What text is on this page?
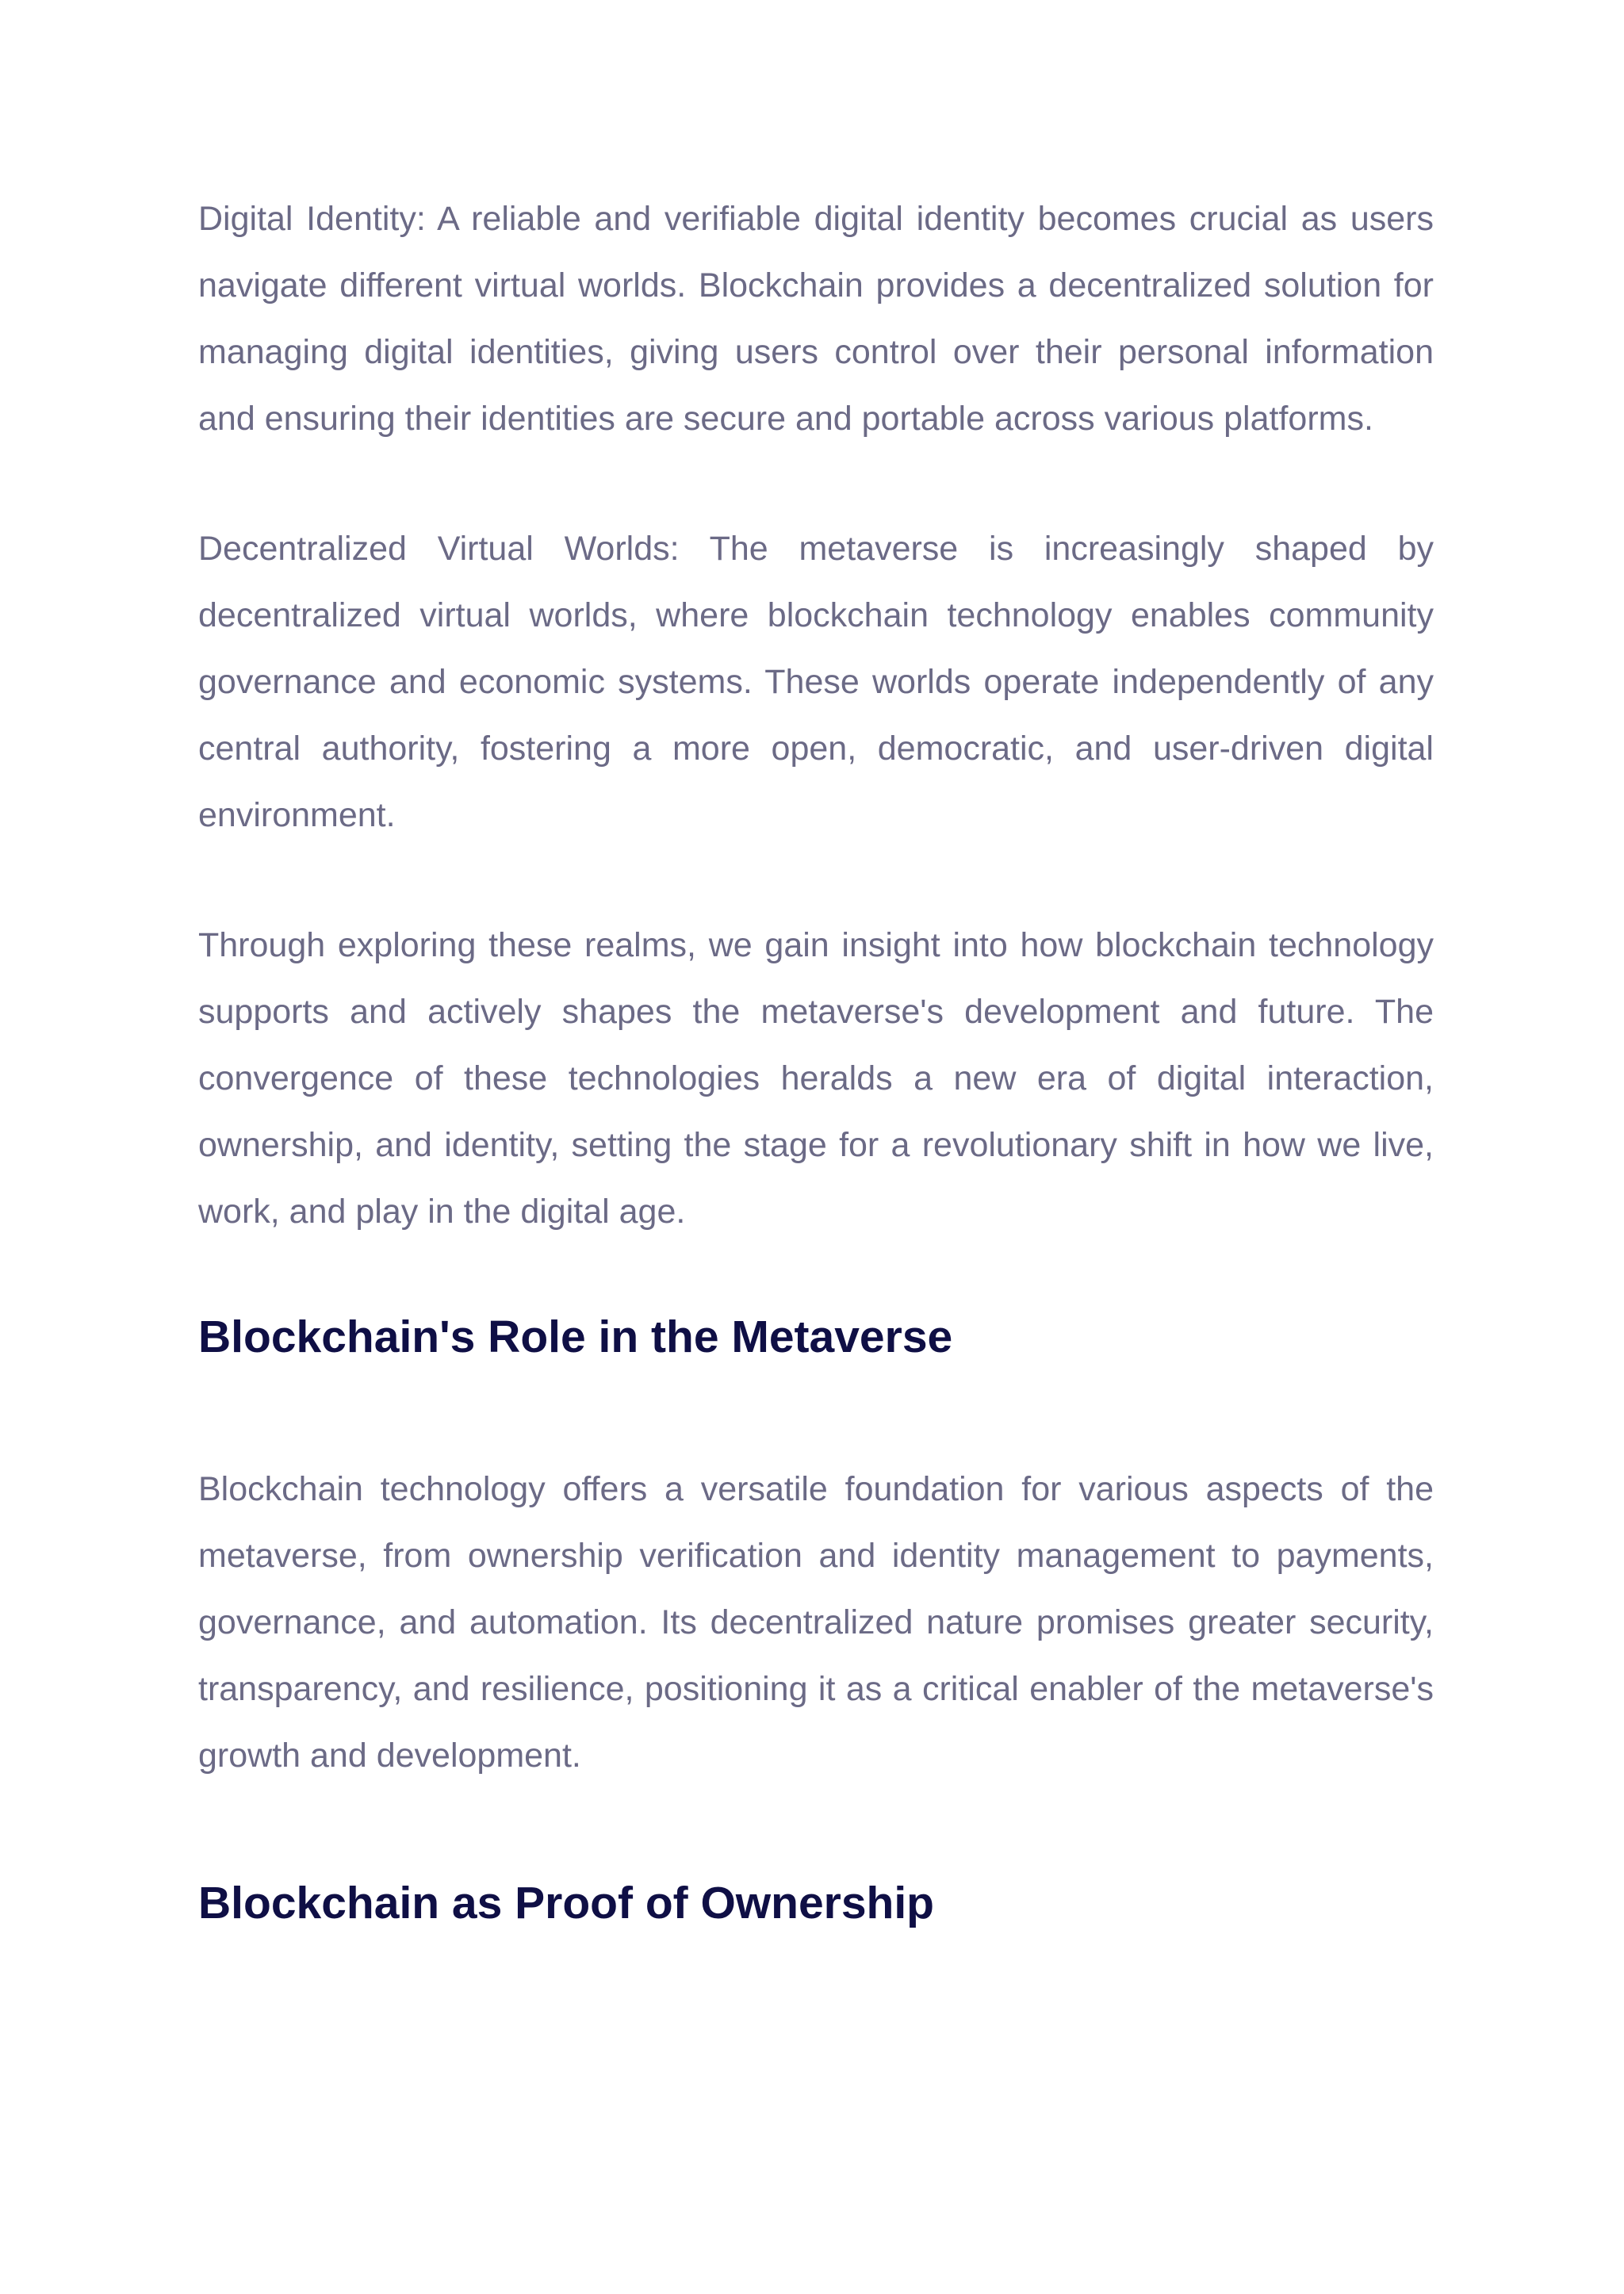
Digital Identity: A reliable and verifiable digital identity becomes crucial as users navigate different virtual worlds. Blockchain provides a decentralized solution for managing digital identities, giving users control over their personal information and ensuring their identities are secure and portable across various platforms.

Decentralized Virtual Worlds: The metaverse is increasingly shaped by decentralized virtual worlds, where blockchain technology enables community governance and economic systems. These worlds operate independently of any central authority, fostering a more open, democratic, and user-driven digital environment.

Through exploring these realms, we gain insight into how blockchain technology supports and actively shapes the metaverse's development and future. The convergence of these technologies heralds a new era of digital interaction, ownership, and identity, setting the stage for a revolutionary shift in how we live, work, and play in the digital age.

Blockchain's Role in the Metaverse

Blockchain technology offers a versatile foundation for various aspects of the metaverse, from ownership verification and identity management to payments, governance, and automation. Its decentralized nature promises greater security, transparency, and resilience, positioning it as a critical enabler of the metaverse's growth and development.

Blockchain as Proof of Ownership
